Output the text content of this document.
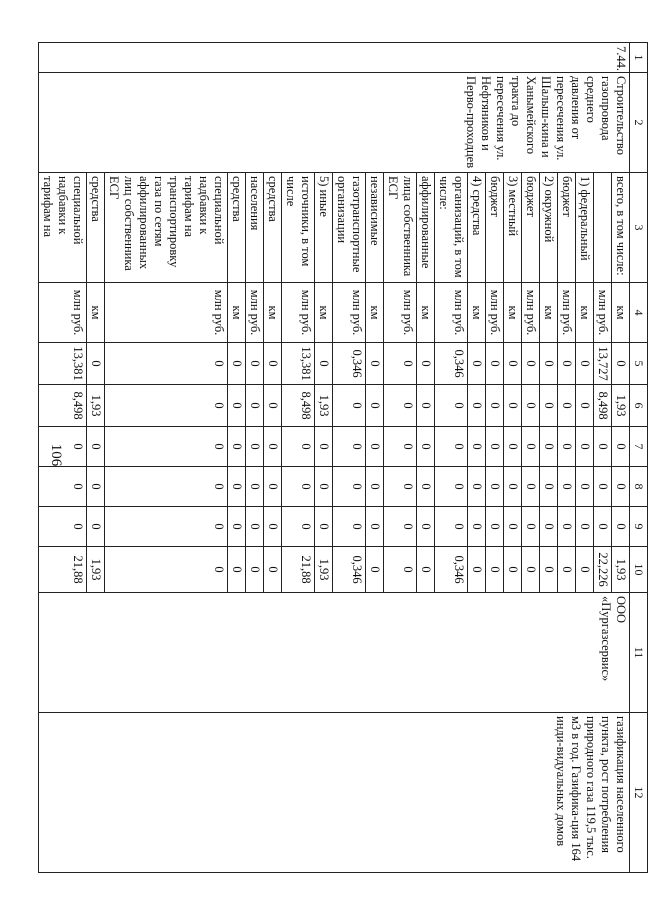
106
1	2	3	4	5	6	7	8	9	10	11	12
7.44.	Строительство газопровода среднего давления от пересечения ул. Шалыш-кина и Ханымейского тракта до пересечения ул. Нефтяников и Перво-проходцев	всего, в том числе:	км	0	1,93	0	0	0	1,93	ООО «Пургазсервис»	газификация населенного пункта, рост потребления природного газа 119,5 тыс. м3 в год. Газифика-ция 164 инди-видуальных домов
			млн руб.	13,727	8,498	0	0	0	22,226		
		1) федеральный	км	0	0	0	0	0	0		
		бюджет	млн руб.	0	0	0	0	0	0		
		2) окружной	км	0	0	0	0	0	0		
		бюджет	млн руб.	0	0	0	0	0	0		
		3) местный	км	0	0	0	0	0	0		
		бюджет	млн руб.	0	0	0	0	0	0		
		4) средства	км	0	0	0	0	0	0		
		организаций, в том числе:	млн руб.	0,346	0	0	0	0	0,346		
		аффилированные	км	0	0	0	0	0	0		
		лица собственника ЕСГ	млн руб.	0	0	0	0	0	0		
		независимые	км	0	0	0	0	0	0		
		газотранспортные организации	млн руб.	0,346	0	0	0	0	0,346		
		5) иные	км	0	1,93	0	0	0	1,93		
		источники, в том числе	млн руб.	13,381	8,498	0	0	0	21,88		
		средства	км	0	0	0	0	0	0		
		населения	млн руб.	0	0	0	0	0	0		
		средства	км	0	0	0	0	0	0		
		специальной надбавки к тарифам на транспортировку газа по сетям аффилированных лиц собственника ЕСГ	млн руб.	0	0	0	0	0	0		
		средства	км	0	1,93	0	0	0	1,93		
		специальной надбавки к тарифам на	млн руб.	13,381	8,498	0	0	0	21,88		
